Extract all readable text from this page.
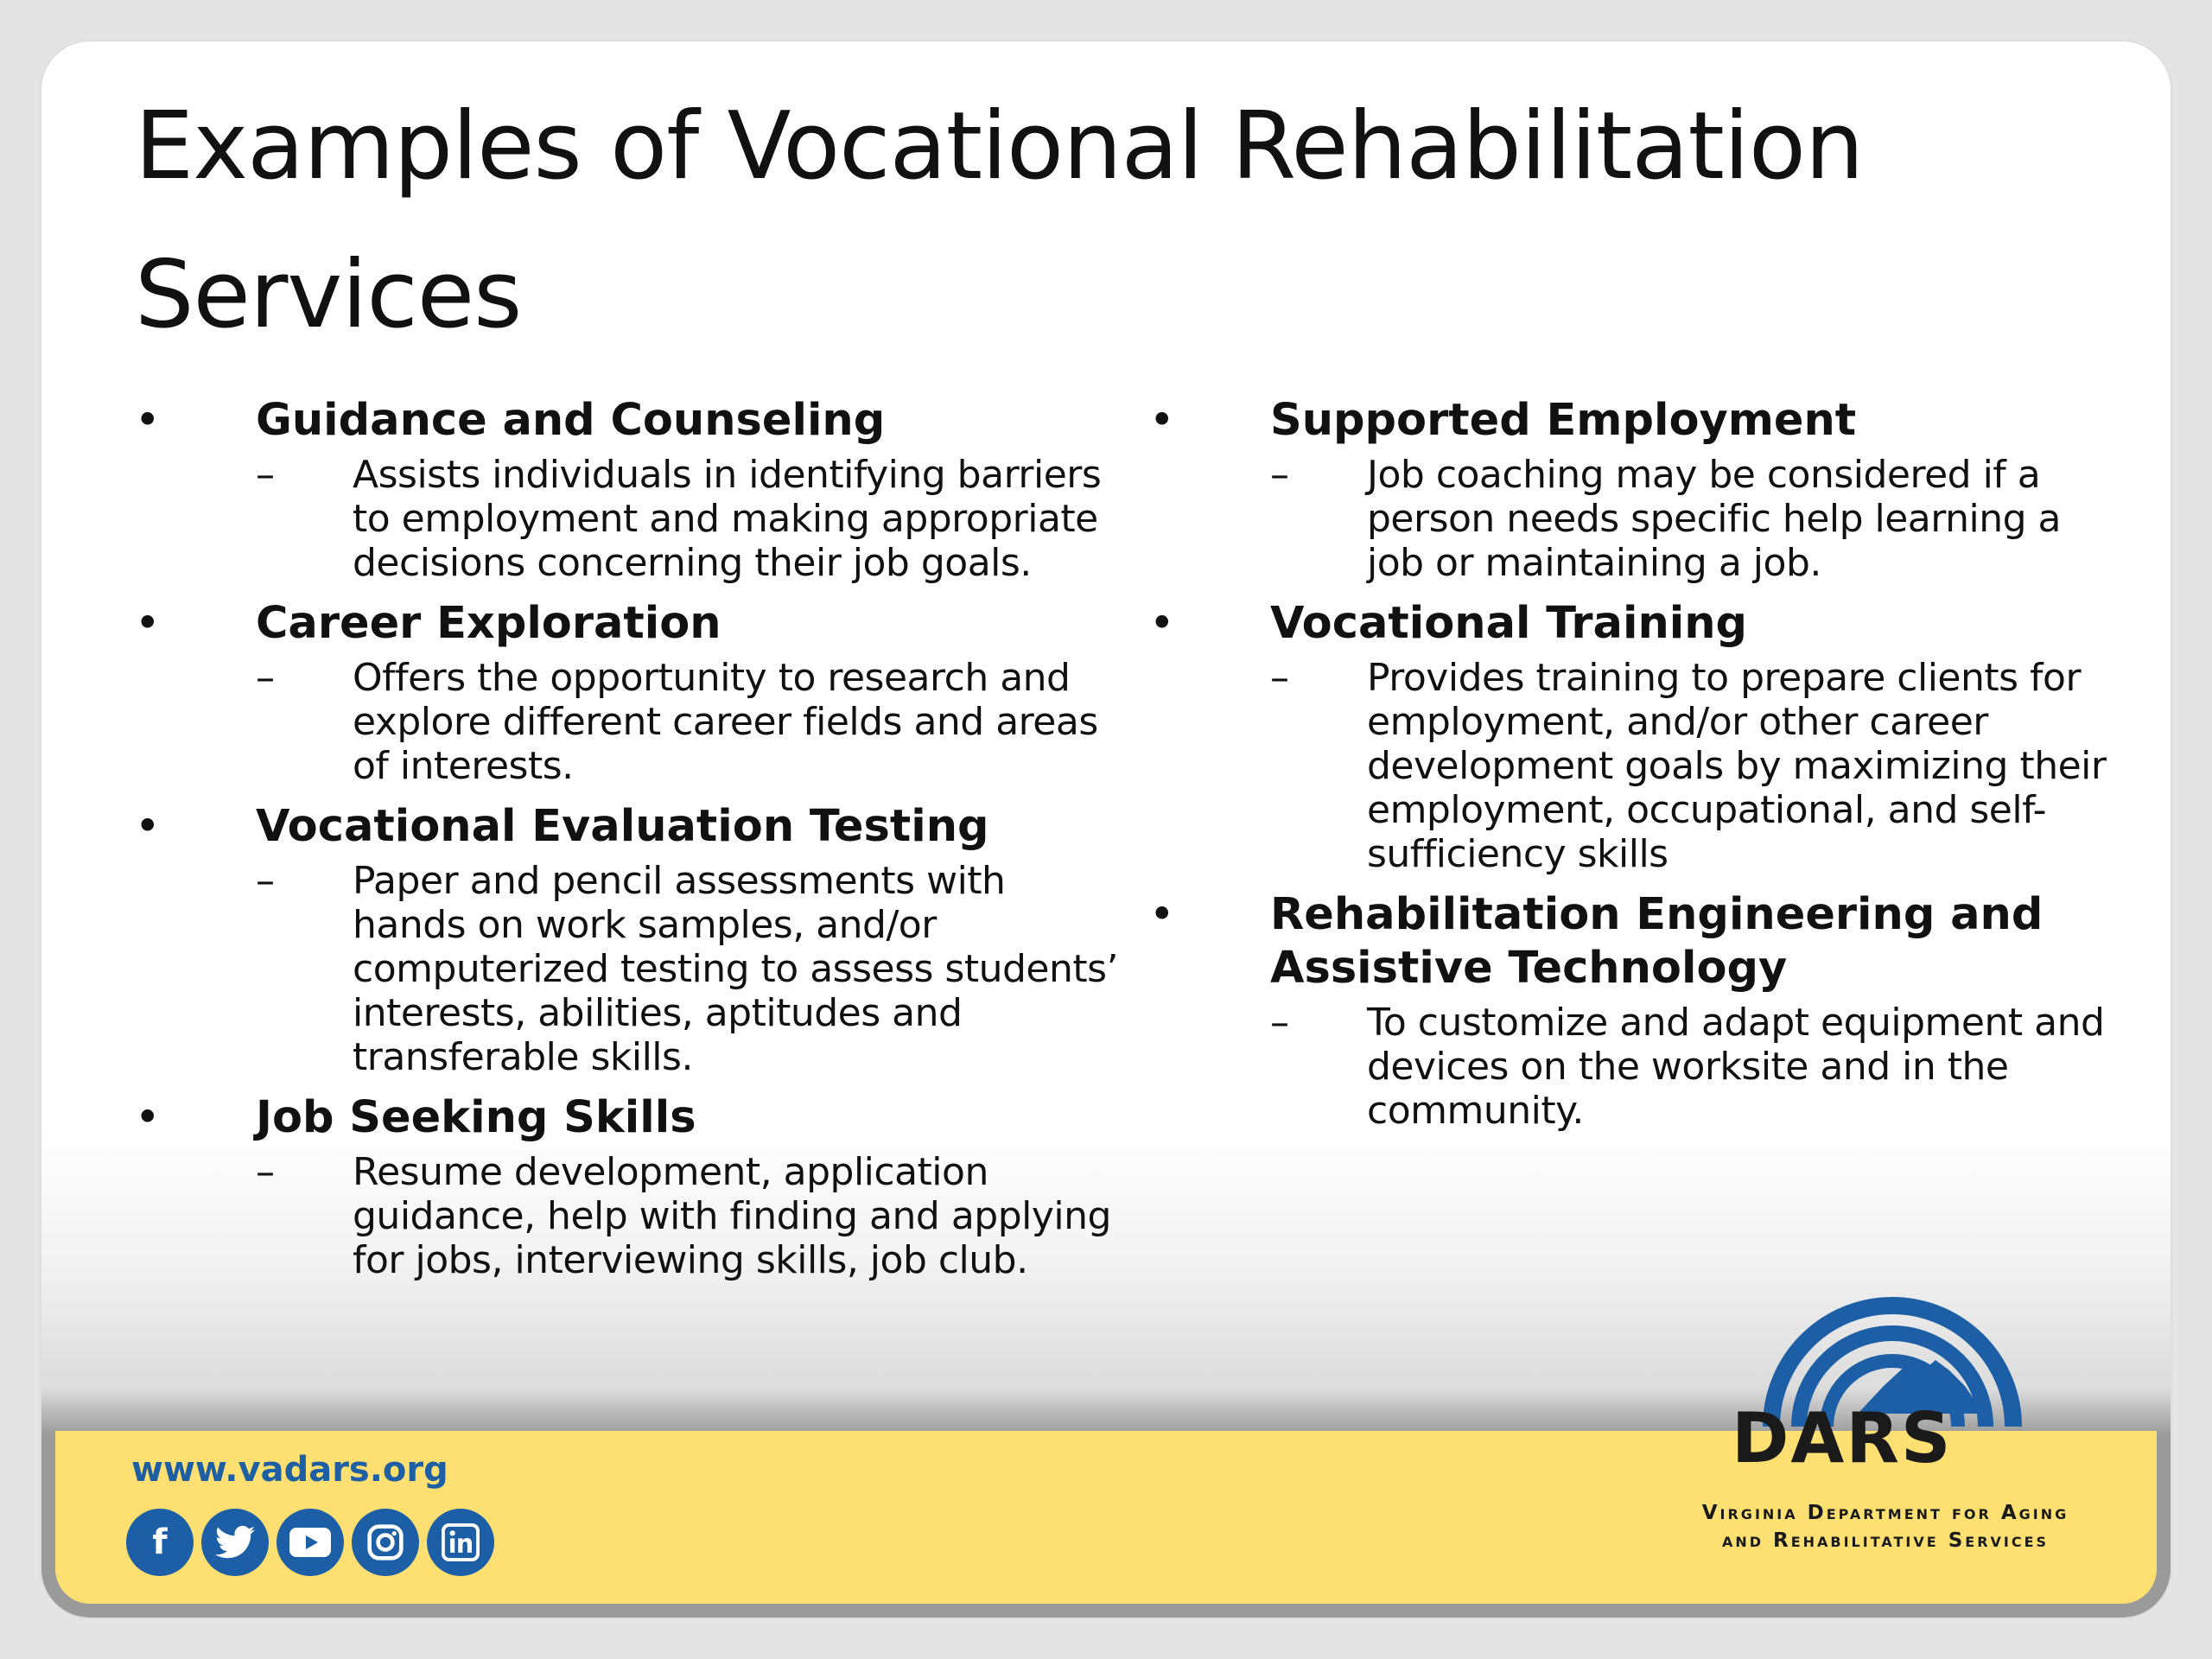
Examples of Vocational Rehabilitation Services
• Guidance and Counseling
– Assists individuals in identifying barriers to employment and making appropriate decisions concerning their job goals.
• Career Exploration
– Offers the opportunity to research and explore different career fields and areas of interests.
• Vocational Evaluation Testing
– Paper and pencil assessments with hands on work samples, and/or computerized testing to assess students’ interests, abilities, aptitudes and transferable skills.
• Job Seeking Skills
– Resume development, application guidance, help with finding and applying for jobs, interviewing skills, job club.
• Supported Employment
– Job coaching may be considered if a person needs specific help learning a job or maintaining a job.
• Vocational Training
– Provides training to prepare clients for employment, and/or other career development goals by maximizing their employment, occupational, and self-sufficiency skills
• Rehabilitation Engineering and Assistive Technology
– To customize and adapt equipment and devices on the worksite and in the community.
www.vadars.org
f
DARS
Virginia Department for Aging
and Rehabilitative Services
